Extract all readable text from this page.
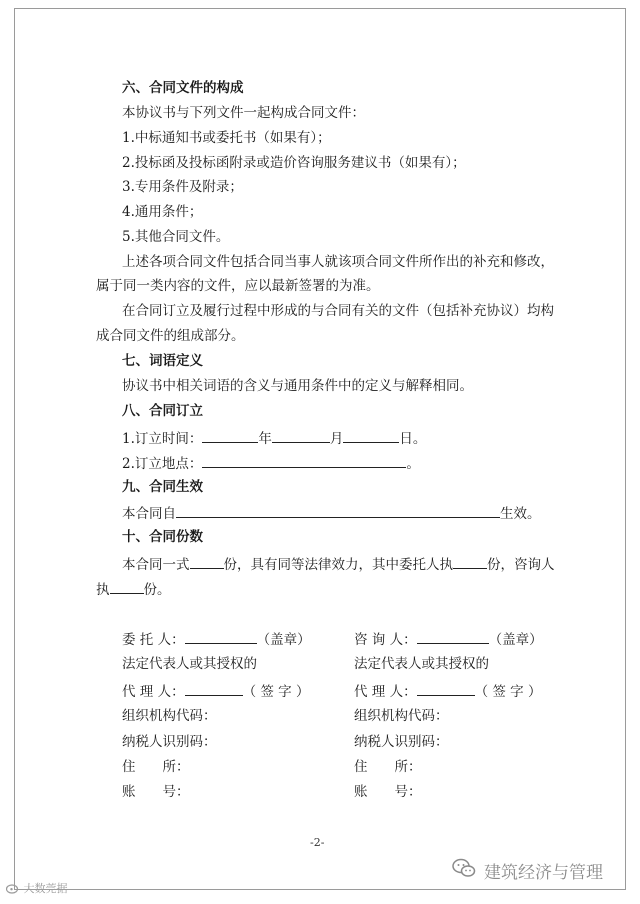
六、合同文件的构成
本协议书与下列文件一起构成合同文件：
1.中标通知书或委托书（如果有）；
2.投标函及投标函附录或造价咨询服务建议书（如果有）；
3.专用条件及附录；
4.通用条件；
5.其他合同文件。
上述各项合同文件包括合同当事人就该项合同文件所作出的补充和修改，
属于同一类内容的文件，应以最新签署的为准。
在合同订立及履行过程中形成的与合同有关的文件（包括补充协议）均构
成合同文件的组成部分。
七、词语定义
协议书中相关词语的含义与通用条件中的定义与解释相同。
八、合同订立
1.订立时间：	年	月	日。
2.订立地点：	。
九、合同生效
本合同自	生效。
十、合同份数
本合同一式	份，具有同等法律效力，其中委托人执	份，咨询人
执	份。
委 托 人：	（盖章）
法定代表人或其授权的
代 理 人：	（ 签 字 ）
组织机构代码：
纳税人识别码：
住　　所：
账　　号：
咨 询 人：	（盖章）
法定代表人或其授权的
代 理 人：	（ 签 字 ）
组织机构代码：
纳税人识别码：
住　　所：
账　　号：
-2-
建筑经济与管理
大数莞据
